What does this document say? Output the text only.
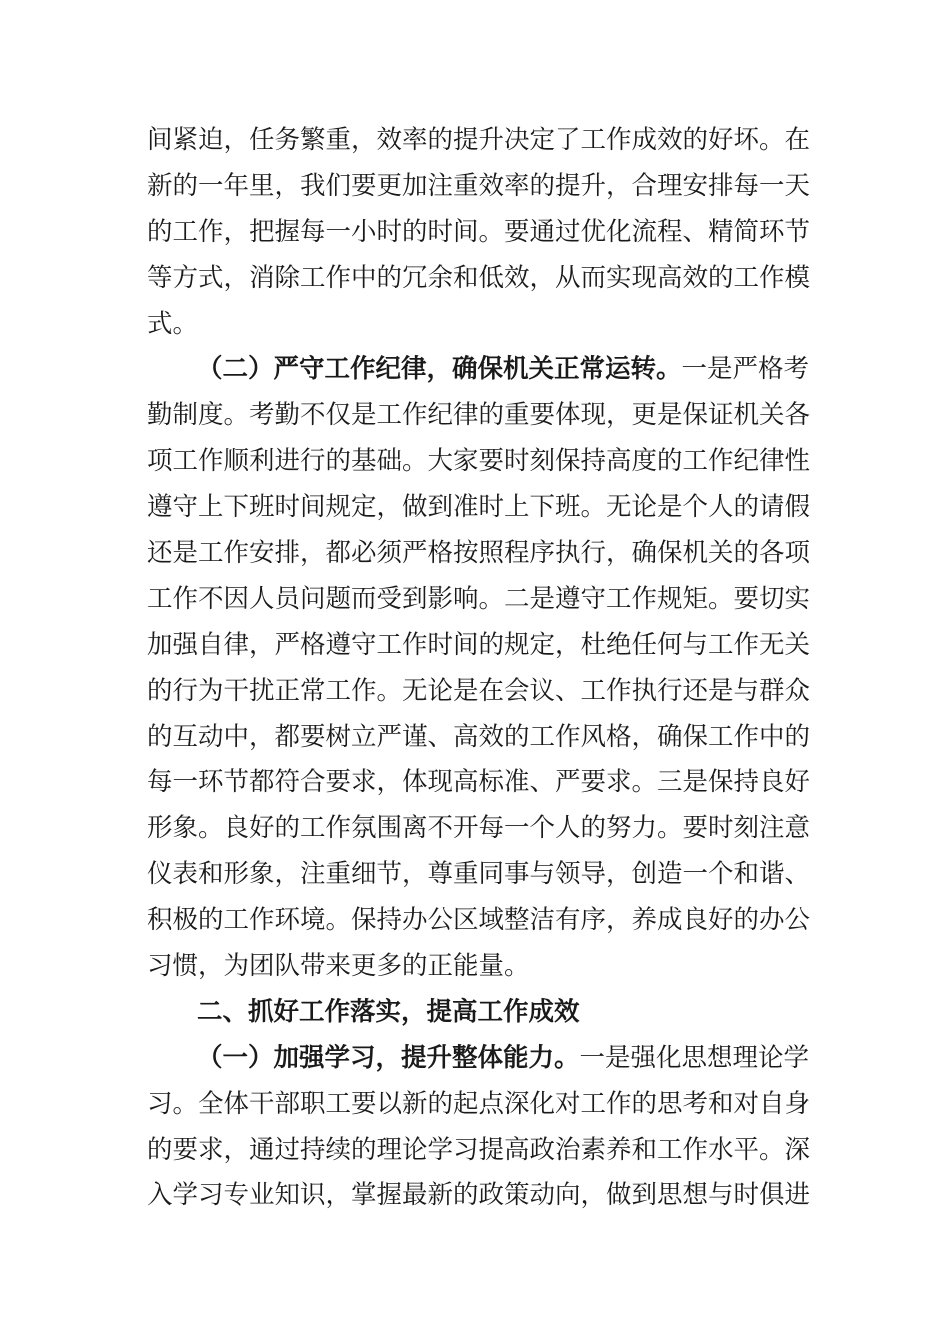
间紧迫，任务繁重，效率的提升决定了工作成效的好坏。在
新的一年里，我们要更加注重效率的提升，合理安排每一天
的工作，把握每一小时的时间。要通过优化流程、精简环节
等方式，消除工作中的冗余和低效，从而实现高效的工作模
式。
（二）严守工作纪律，确保机关正常运转。一是严格考
勤制度。考勤不仅是工作纪律的重要体现，更是保证机关各
项工作顺利进行的基础。大家要时刻保持高度的工作纪律性
遵守上下班时间规定，做到准时上下班。无论是个人的请假
还是工作安排，都必须严格按照程序执行，确保机关的各项
工作不因人员问题而受到影响。二是遵守工作规矩。要切实
加强自律，严格遵守工作时间的规定，杜绝任何与工作无关
的行为干扰正常工作。无论是在会议、工作执行还是与群众
的互动中，都要树立严谨、高效的工作风格，确保工作中的
每一环节都符合要求，体现高标准、严要求。三是保持良好
形象。良好的工作氛围离不开每一个人的努力。要时刻注意
仪表和形象，注重细节，尊重同事与领导，创造一个和谐、
积极的工作环境。保持办公区域整洁有序，养成良好的办公
习惯，为团队带来更多的正能量。
二、抓好工作落实，提高工作成效
（一）加强学习，提升整体能力。一是强化思想理论学
习。全体干部职工要以新的起点深化对工作的思考和对自身
的要求，通过持续的理论学习提高政治素养和工作水平。深
入学习专业知识，掌握最新的政策动向，做到思想与时俱进
